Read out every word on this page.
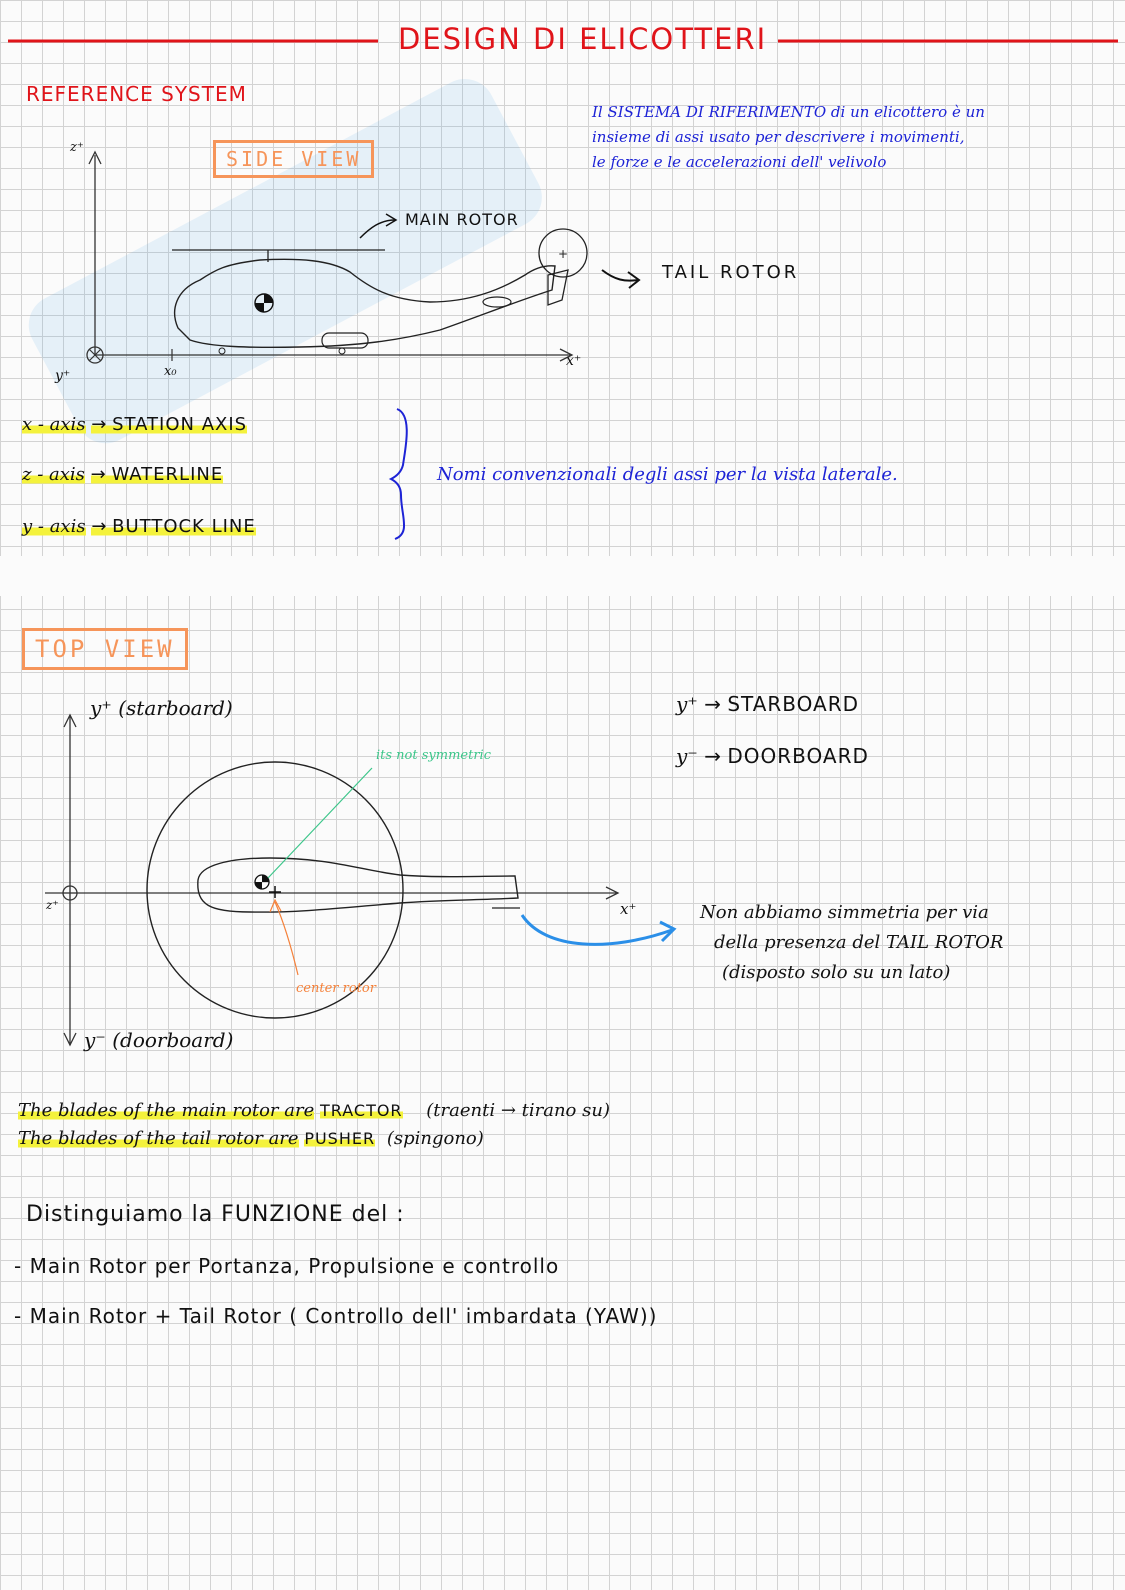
DESIGN DI ELICOTTERI
REFERENCE SYSTEM
Il SISTEMA DI RIFERIMENTO di un elicottero è un
insieme di assi usato per descrivere i movimenti,
le forze e le accelerazioni dell' velivolo
SIDE VIEW
+
z⁺
y⁺	x₀
x⁺
MAIN ROTOR
TAIL ROTOR
x - axis → STATION AXIS
z - axis → WATERLINE
y - axis → BUTTOCK LINE
Nomi convenzionali degli assi per la vista laterale.
TOP VIEW
y⁺ (starboard)
y⁻ (doorboard)
z⁺	x⁺
its not symmetric
center rotor
y⁺ → STARBOARD
y⁻ → DOORBOARD
Non abbiamo simmetria per via
della presenza del TAIL ROTOR
(disposto solo su un lato)
The blades of the main rotor are TRACTOR (traenti → tirano su)
The blades of the tail rotor are PUSHER (spingono)
Distinguiamo la FUNZIONE del :
- Main Rotor per Portanza, Propulsione e controllo
- Main Rotor + Tail Rotor ( Controllo dell' imbardata (YAW))
